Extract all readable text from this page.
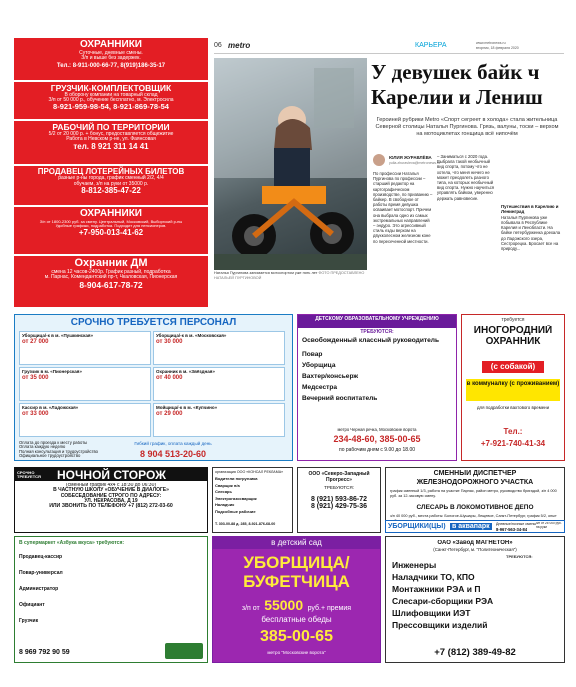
ОХРАННИКИ
Суточные, дневные смены.
З/п и выше без задержек.
Тел.: 8-911-000-66-77, 8(919)186-35-17
ГРУЗЧИК-КОМПЛЕКТОВЩИК
В оборону компании на товарный склад
З/п от 50 000 р., обучение бесплатно, м. Электросила
8-921-959-98-54, 8-921-869-78-54
РАБОЧИЙ ПО ТЕРРИТОРИИ
5/2 от 20 000 р. + бонус, предоставляется общежитие
Работа в Невском р-не, ул. Фаянсовая
тел. 8 921 311 14 41
ПРОДАВЕЦ ЛОТЕРЕЙНЫХ БИЛЕТОВ
разные р-ны города, график сменный 2/2, 4/4
обучаем, з/п на руки от 35000 р.
8-812-385-47-22
ОХРАННИКИ
З/п от 1800-2300 руб. за смену. Центральный, Московский, Выборгский р-ны
Удобные графики, подработка. Подходит для пенсионеров.
+7-950-013-41-62
Охранник ДМ
смена 12 часов-2400р. График разный, подработка
м. Парнас, Комендантский пр-т, Чкаловская, Пионерская
8-904-617-78-72
06 metro	КАРЬЕРА	www.metronews.ru
вторник, 18 февраля 2020
Наталья Пургинова занимается мотоспортом уже пять лет ФОТО ПРЕДОСТАВЛЕНО НАТАЛЬЕЙ ПУРГИНОВОЙ
У девушек байк ч Карелии и Лениш
Героиней рубрики Metro «Спорт сегреет в холода» стала жительница Северной столицы Наталья Пургинова. Грязь, валуны, тоски – верхом на мотоциклетах гонщица всё нипочём
ЮЛИЯ ЖУРАВЛЁВА
yulia.zhuravleva@metronews.ru
По профессии Наталья Пургинова по профессии – старший редактор на картографическом производстве, по призванию – байкер. В свободное от работы время девушка осваивает мотоспорт. Причем она выбрала одно из самых экстремальных направлений – эндуро. Это агрессивный стиль езды верхом на двухколесном железном коне по пересеченной местности.
– Заниматься с 2020 года. Выбрала такой необычный вид спорта, потому что не хотела, что меня ничего не может преодолеть разного типа, на которых необычный вид спорта. Нужно научиться управлять байком, уверенно держать равновесие.
Путешествия в Карелию и Ленинград
Наталья Пургинова уже побывала в Республике Карелия и Ленобласти. На байке петербурженка доехала до Ладожского озера, Сестрорецка. Бросает все на природу...
СРОЧНО ТРЕБУЕТСЯ ПЕРСОНАЛ
Уборщица/-к в м. «Пушкинская»
от 27 000
Уборщица/-к в м. «Московская»
от 30 000
Грузчик в м. «Пионерская»
от 35 000
Охранник в м. «Звёздная»
от 40 000
Кассир в м. «Ладожская»
от 33 000
Мойщица/-к в м. «Купчино»
от 29 000
Оплата до проезда к месту работы
Оплата каждую неделю
Полная консультация и трудоустройство
Официальное трудоустройство
Гибкий график, оплата каждый день
8 904 513-20-60
ДЕТСКОМУ ОБРАЗОВАТЕЛЬНОМУ УЧРЕЖДЕНИЮ
ТРЕБУЮТСЯ:
Освобожденный классный руководитель
Повар
Уборщица
Вахтер/консьерж
Медсестра
Вечерний воспитатель
метро Черная речка, Московские ворота
234-48-60, 385-00-65
по рабочим дням с 9.00 до 18.00
требуется
ИНОГОРОДНИЙ ОХРАННИК
(с собакой)
в коммуналку (с проживанием)
для подработки вахтового времени
Тел.:
+7-921-740-41-34
СРОЧНО ТРЕБУЕТСЯ	НОЧНОЙ СТОРОЖ
(сменный график 4х4 с 18:30 до 06:30)
В ЧАСТНУЮ ШКОЛУ «ОБУЧЕНИЕ В ДИАЛОГЕ»
СОБЕСЕДОВАНИЕ СТРОГО ПО АДРЕСУ:
УЛ. НЕКРАСОВА, Д 19
ИЛИ ЗВОНИТЬ ПО ТЕЛЕФОНУ +7 (812) 272-03-60
В супермаркет «Азбука вкуса» требуются:
Продавец-кассир
Повар-универсал
Администратор
Официант
Грузчик
8 969 792 90 59
ООО «Северо-Западный Прогресс»
ТРЕБУЮТСЯ:
8 (921) 593-86-72
8 (921) 429-75-36
СМЕННЫЙ ДИСПЕТЧЕР
ЖЕЛЕЗНОДОРОЖНОГО УЧАСТКА
график сменный 1/3, работа на участке Парнас, район метро, руководство бригадой, з/п 4 000 руб. за 12-часовую смену.
СЛЕСАРЬ В ЛОКОМОТИВНОЕ ДЕПО
з/п 40 000 руб., места работы: Бологое-Шушары, Лещевое, Санкт-Петербург, график 5/2, опыт
организация ООО «КОНСАЛ РЕКЛАМА»
Водители погрузчика
Сварщик п/а
Слесарь
Электрогазосварщик
Наладчик
Подсобные рабочие
Т. 303-00-88 д. 285, 8-921-876-68-00
в детский сад
УБОРЩИЦА/
БУФЕТЧИЦА
з/п от 55000 руб.+ премия
бесплатные обеды
385-00-65
метро "Московские ворота"
ОАО «Завод МАГНЕТОН»
(Санкт-Петербург, м. "Политехническая")
ТРЕБУЮТСЯ:
Инженеры
Наладчики ТО, КПО
Монтажники РЭА и П
Слесари-сборщики РЭА
Шлифовщики ИЭТ
Прессовщики изделий
+7 (812) 389-49-82
УБОРЩИКИ(ЦЫ) в аквапарк	Дневные/ночные смены
8-967-563-34-84
з/п от 25 000 руб. на руки
